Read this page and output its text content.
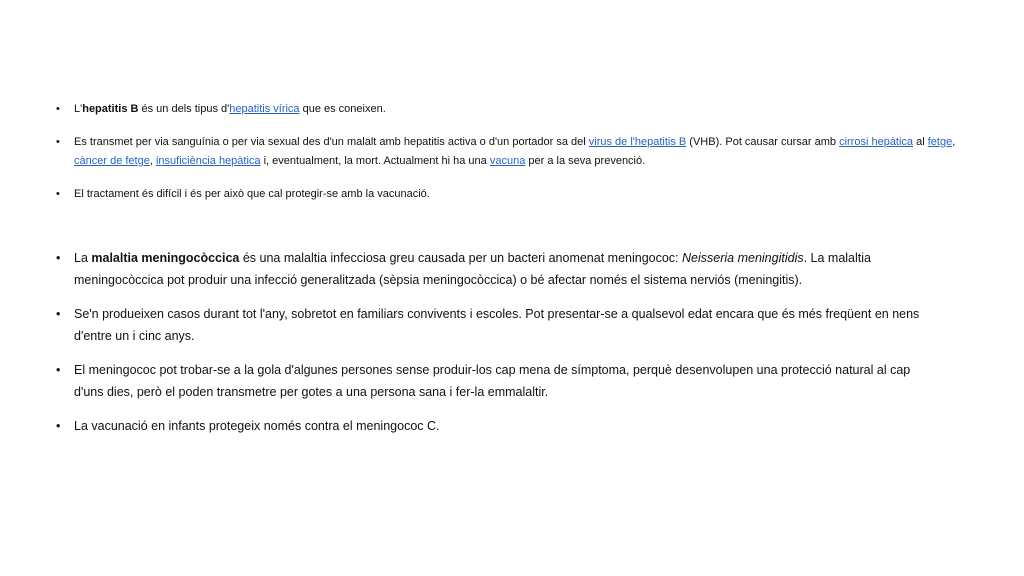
• L'hepatitis B és un dels tipus d'hepatitis vírica que es coneixen.
• Es transmet per via sanguínia o per via sexual des d'un malalt amb hepatitis activa o d'un portador sa del virus de l'hepatitis B (VHB). Pot causar cursar amb cirrosi hepàtica al fetge, càncer de fetge, insuficiència hepàtica i, eventualment, la mort. Actualment hi ha una vacuna per a la seva prevenció.
• El tractament és difícil i és per això que cal protegir-se amb la vacunació.
• La malaltia meningocòccica és una malaltia infecciosa greu causada per un bacteri anomenat meningococ: Neisseria meningitidis. La malaltia meningocòccica pot produir una infecció generalitzada (sèpsia meningocòccica) o bé afectar només el sistema nerviós (meningitis).
• Se'n produeixen casos durant tot l'any, sobretot en familiars convivents i escoles. Pot presentar-se a qualsevol edat encara que és més freqüent en nens d'entre un i cinc anys.
• El meningococ pot trobar-se a la gola d'algunes persones sense produir-los cap mena de símptoma, perquè desenvolupen una protecció natural al cap d'uns dies, però el poden transmetre per gotes a una persona sana i fer-la emmalaltir.
• La vacunació en infants protegeix només contra el meningococ C.
